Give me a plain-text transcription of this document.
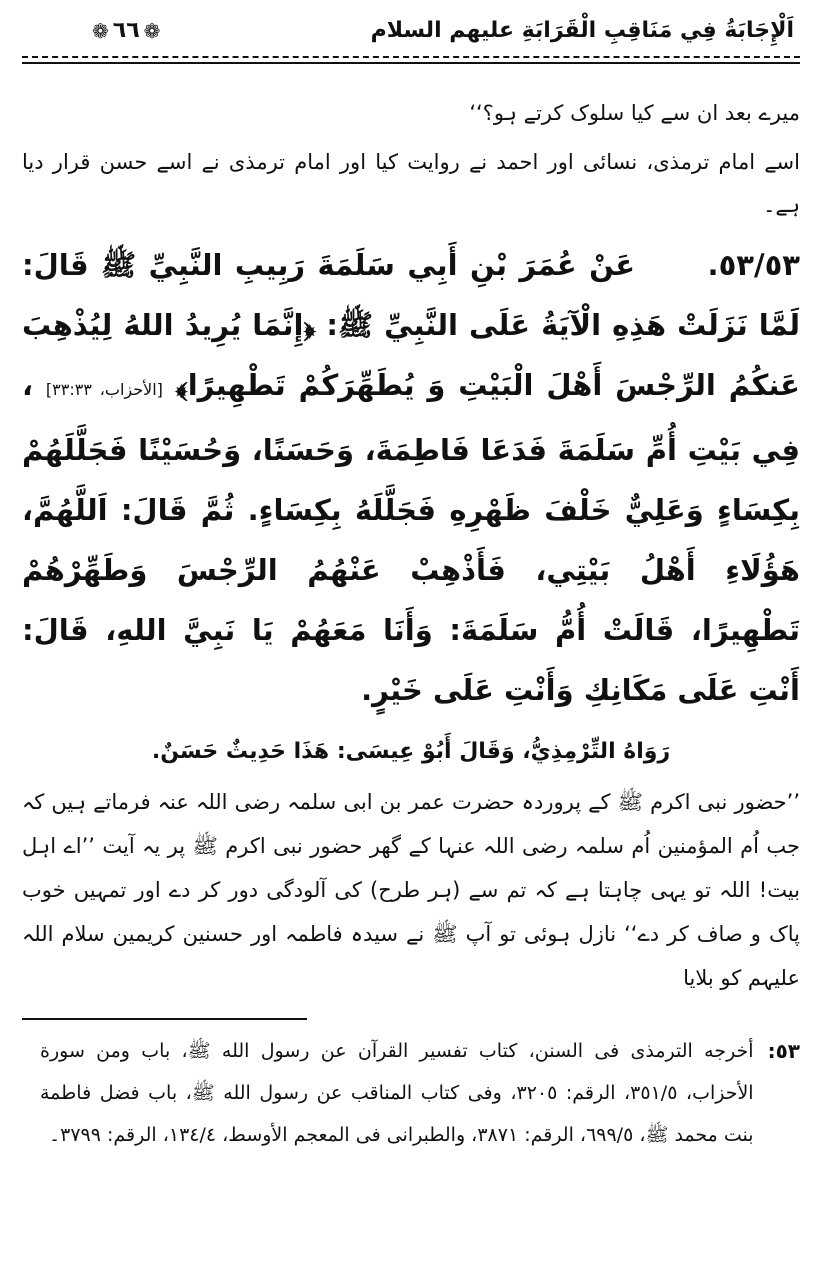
اَلْإِجَابَةُ فِي مَنَاقِبِ الْقَرَابَةِ عليهم السلام
❁
٦٦
❁
میرے بعد ان سے کیا سلوک کرتے ہو؟‘‘
اسے امام ترمذی، نسائی اور احمد نے روایت کیا اور امام ترمذی نے اسے حسن قرار دیا ہے۔
٥٣/٥٣. عَنْ عُمَرَ بْنِ أَبِي سَلَمَةَ رَبِيبِ النَّبِيِّ ﷺ قَالَ: لَمَّا نَزَلَتْ هَذِهِ الْآيَةُ عَلَى النَّبِيِّ ﷺ: ﴿إِنَّمَا يُرِيدُ اللهُ لِيُذْهِبَ عَنكُمُ الرِّجْسَ أَهْلَ الْبَيْتِ وَ يُطَهِّرَكُمْ تَطْهِيرًا﴾ [الأحزاب، ٣٣:٣٣] ، فِي بَيْتِ أُمِّ سَلَمَةَ فَدَعَا فَاطِمَةَ، وَحَسَنًا، وَحُسَيْنًا فَجَلَّلَهُمْ بِكِسَاءٍ وَعَلِيٌّ خَلْفَ ظَهْرِهِ فَجَلَّلَهُ بِكِسَاءٍ. ثُمَّ قَالَ: اَللَّهُمَّ، هَؤُلَاءِ أَهْلُ بَيْتِي، فَأَذْهِبْ عَنْهُمُ الرِّجْسَ وَطَهِّرْهُمْ تَطْهِيرًا، قَالَتْ أُمُّ سَلَمَةَ: وَأَنَا مَعَهُمْ يَا نَبِيَّ اللهِ، قَالَ: أَنْتِ عَلَى مَكَانِكِ وَأَنْتِ عَلَى خَيْرٍ.
رَوَاهُ التِّرْمِذِيُّ، وَقَالَ أَبُوْ عِيسَى: هَذَا حَدِيثٌ حَسَنٌ.
’’حضور نبی اکرم ﷺ کے پروردہ حضرت عمر بن ابی سلمہ رضی اللہ عنہ فرماتے ہیں کہ جب اُم المؤمنین اُم سلمہ رضی اللہ عنہا کے گھر حضور نبی اکرم ﷺ پر یہ آیت ’’اے اہل بیت! اللہ تو یہی چاہتا ہے کہ تم سے (ہر طرح) کی آلودگی دور کر دے اور تمہیں خوب پاک و صاف کر دے‘‘ نازل ہوئی تو آپ ﷺ نے سیدہ فاطمہ اور حسنین کریمین سلام اللہ علیہم کو بلایا
٥٣:
أخرجه الترمذی فی السنن، کتاب تفسیر القرآن عن رسول الله ﷺ، باب ومن سورة الأحزاب، ٣٥١/٥، الرقم: ٣٢٠٥، وفی کتاب المناقب عن رسول الله ﷺ، باب فضل فاطمة بنت محمد ﷺ، ٦٩٩/٥، الرقم: ٣٨٧١، والطبرانی فی المعجم الأوسط، ١٣٤/٤، الرقم: ٣٧٩٩۔
